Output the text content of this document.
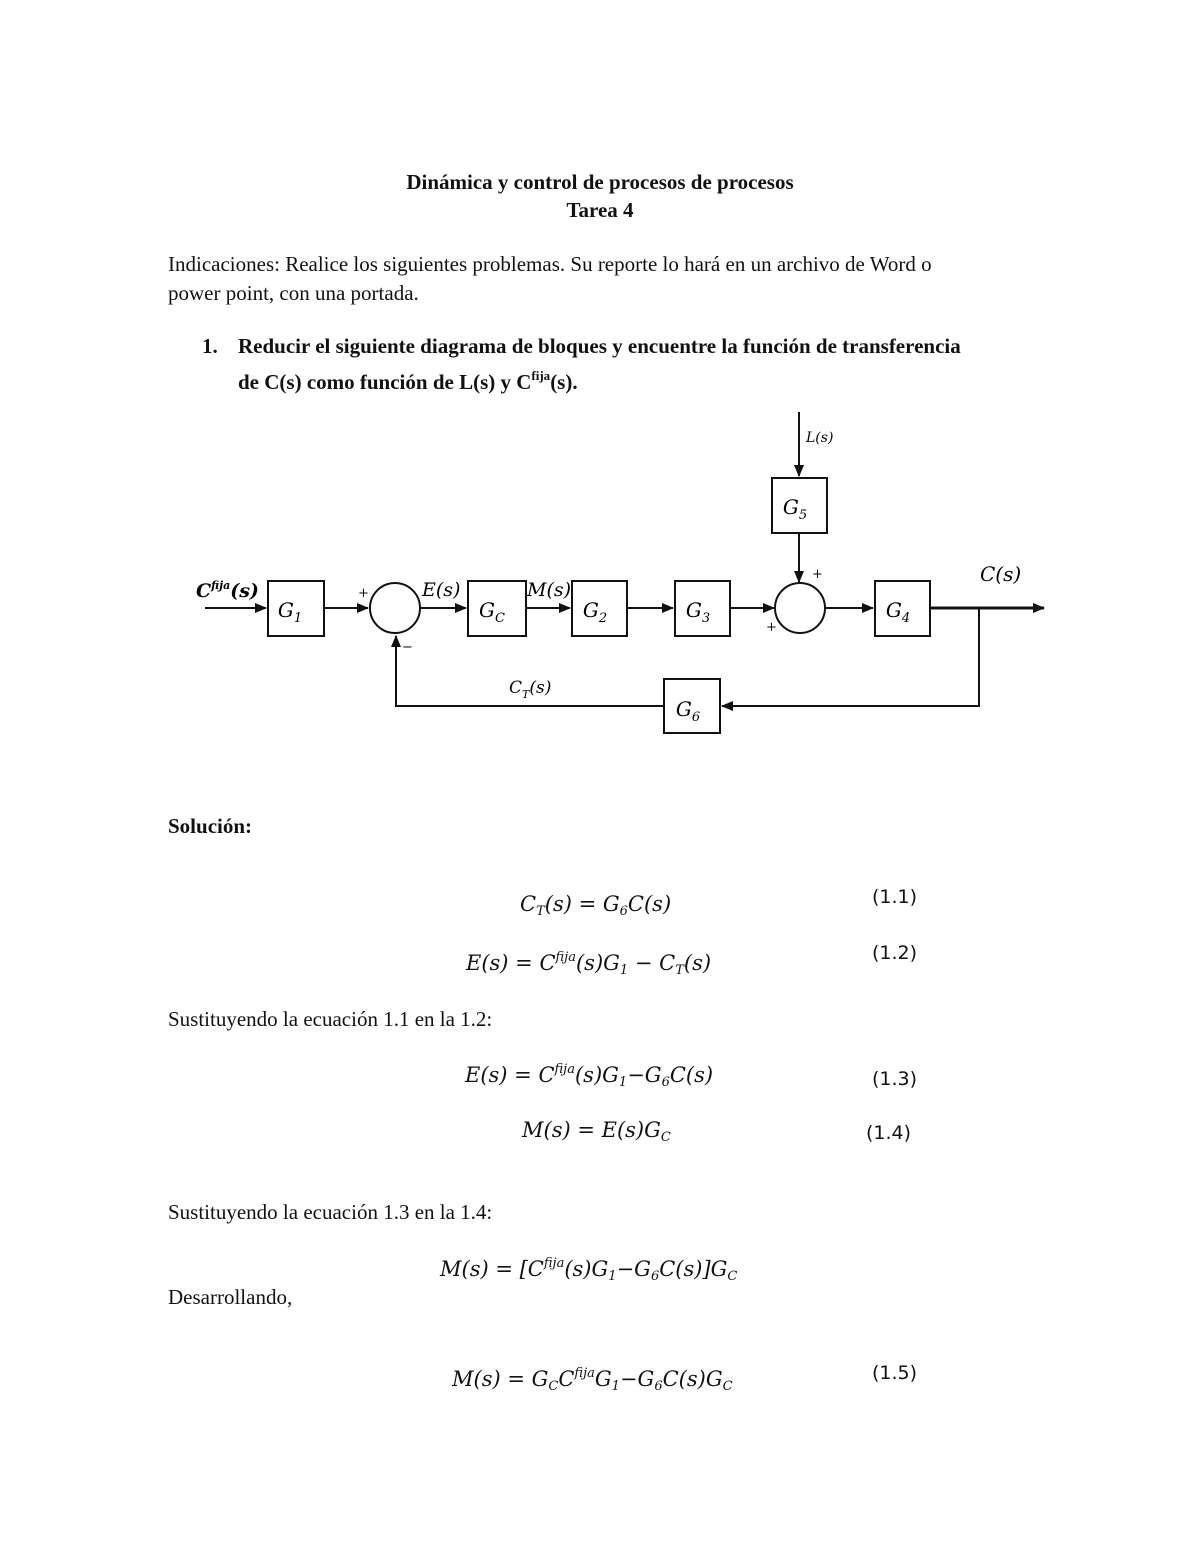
Dinámica y control de procesos de procesos
Tarea 4
Indicaciones: Realice los siguientes problemas. Su reporte lo hará en un archivo de Word o
power point, con una portada.
1. Reducir el siguiente diagrama de bloques y encuentre la función de transferencia
de C(s) como función de L(s) y $C^{fija}(s)$.
$G_1$	$G_C$	$G_2$	$G_3$	$G_4$
$G_5$
$G_6$
$C^{fija}(s)$	E(s)	M(s)
C(s)
L(s)
$C_T(s)$
+
−
+
+
Solución:
$C_T(s) = G_6C(s)$	(1.1)
$E(s) = C^{fija}(s)G_1 - C_T(s)$	(1.2)
Sustituyendo la ecuación 1.1 en la 1.2:
$E(s) = C^{fija}(s)G_1-G_6C(s)$	(1.3)
$M(s) = E(s)G_C$	(1.4)
Sustituyendo la ecuación 1.3 en la 1.4:
$M(s) = [C^{fija}(s)G_1-G_6C(s)]G_C$
Desarrollando,
$M(s) = G_CC^{fija}G_1-G_6C(s)G_C$
(1.5)
